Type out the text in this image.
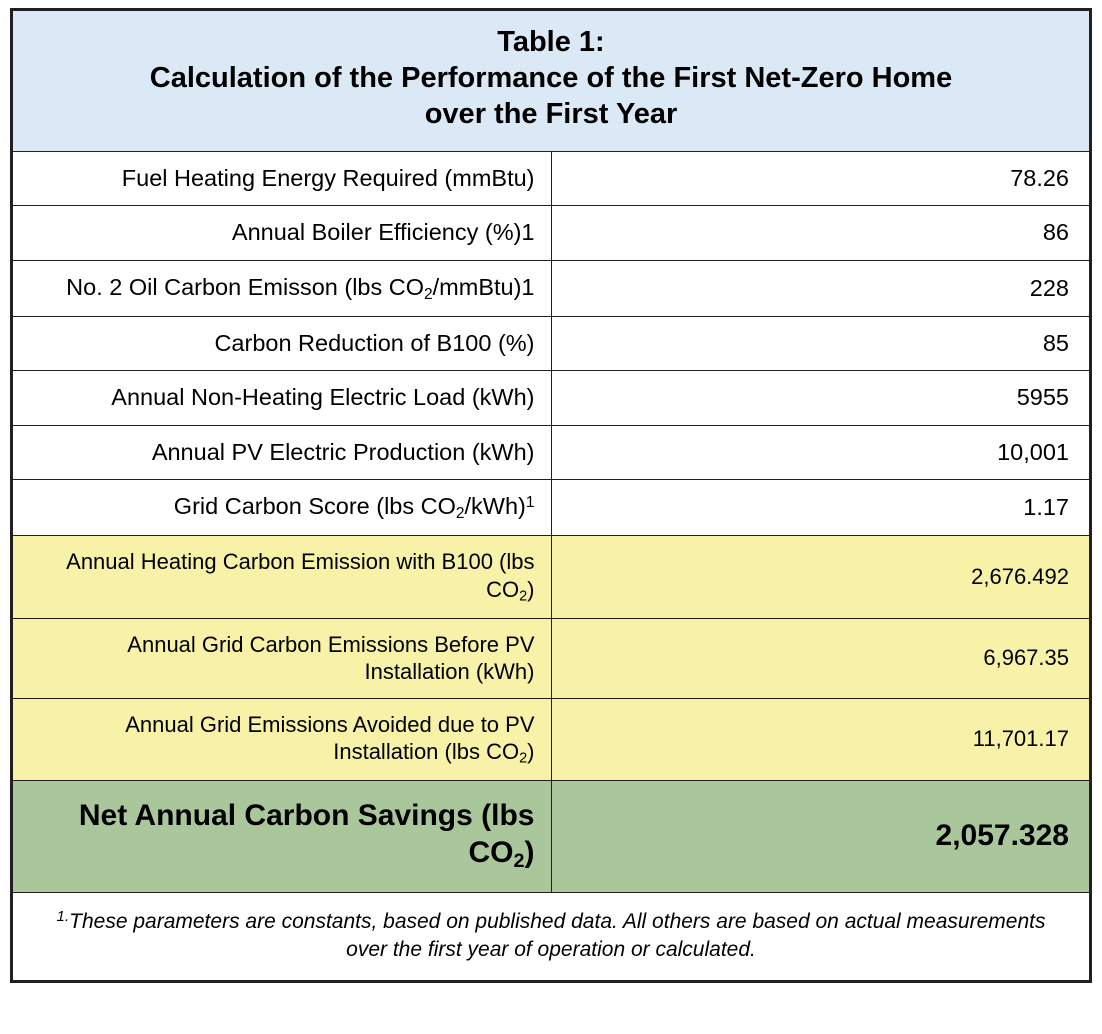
Table 1:
Calculation of the Performance of the First Net-Zero Home
over the First Year	

Fuel Heating Energy Required (mmBtu)	78.26
Annual Boiler Efficiency (%)1	86
No. 2 Oil Carbon Emisson (lbs $CO_2/mmBtu)1$	228
Carbon Reduction of B100 (%)	85
Annual Non-Heating Electric Load (kWh)	5955
Annual PV Electric Production (kWh)	10,001
Grid Carbon Score (lbs $CO_2/kWh)^1$	1.17
Annual Heating Carbon Emission with B100 (lbs $CO_2$)	2,676.492
Annual Grid Carbon Emissions Before PV Installation (kWh)	6,967.35
Annual Grid Emissions Avoided due to PV Installation (lbs $CO_2$)	11,701.17
Net Annual Carbon Savings (lbs $CO_2$)	2,057.328
$^{1.}$These parameters are constants, based on published data. All others are based on actual measurements over the first year of operation or calculated.	
